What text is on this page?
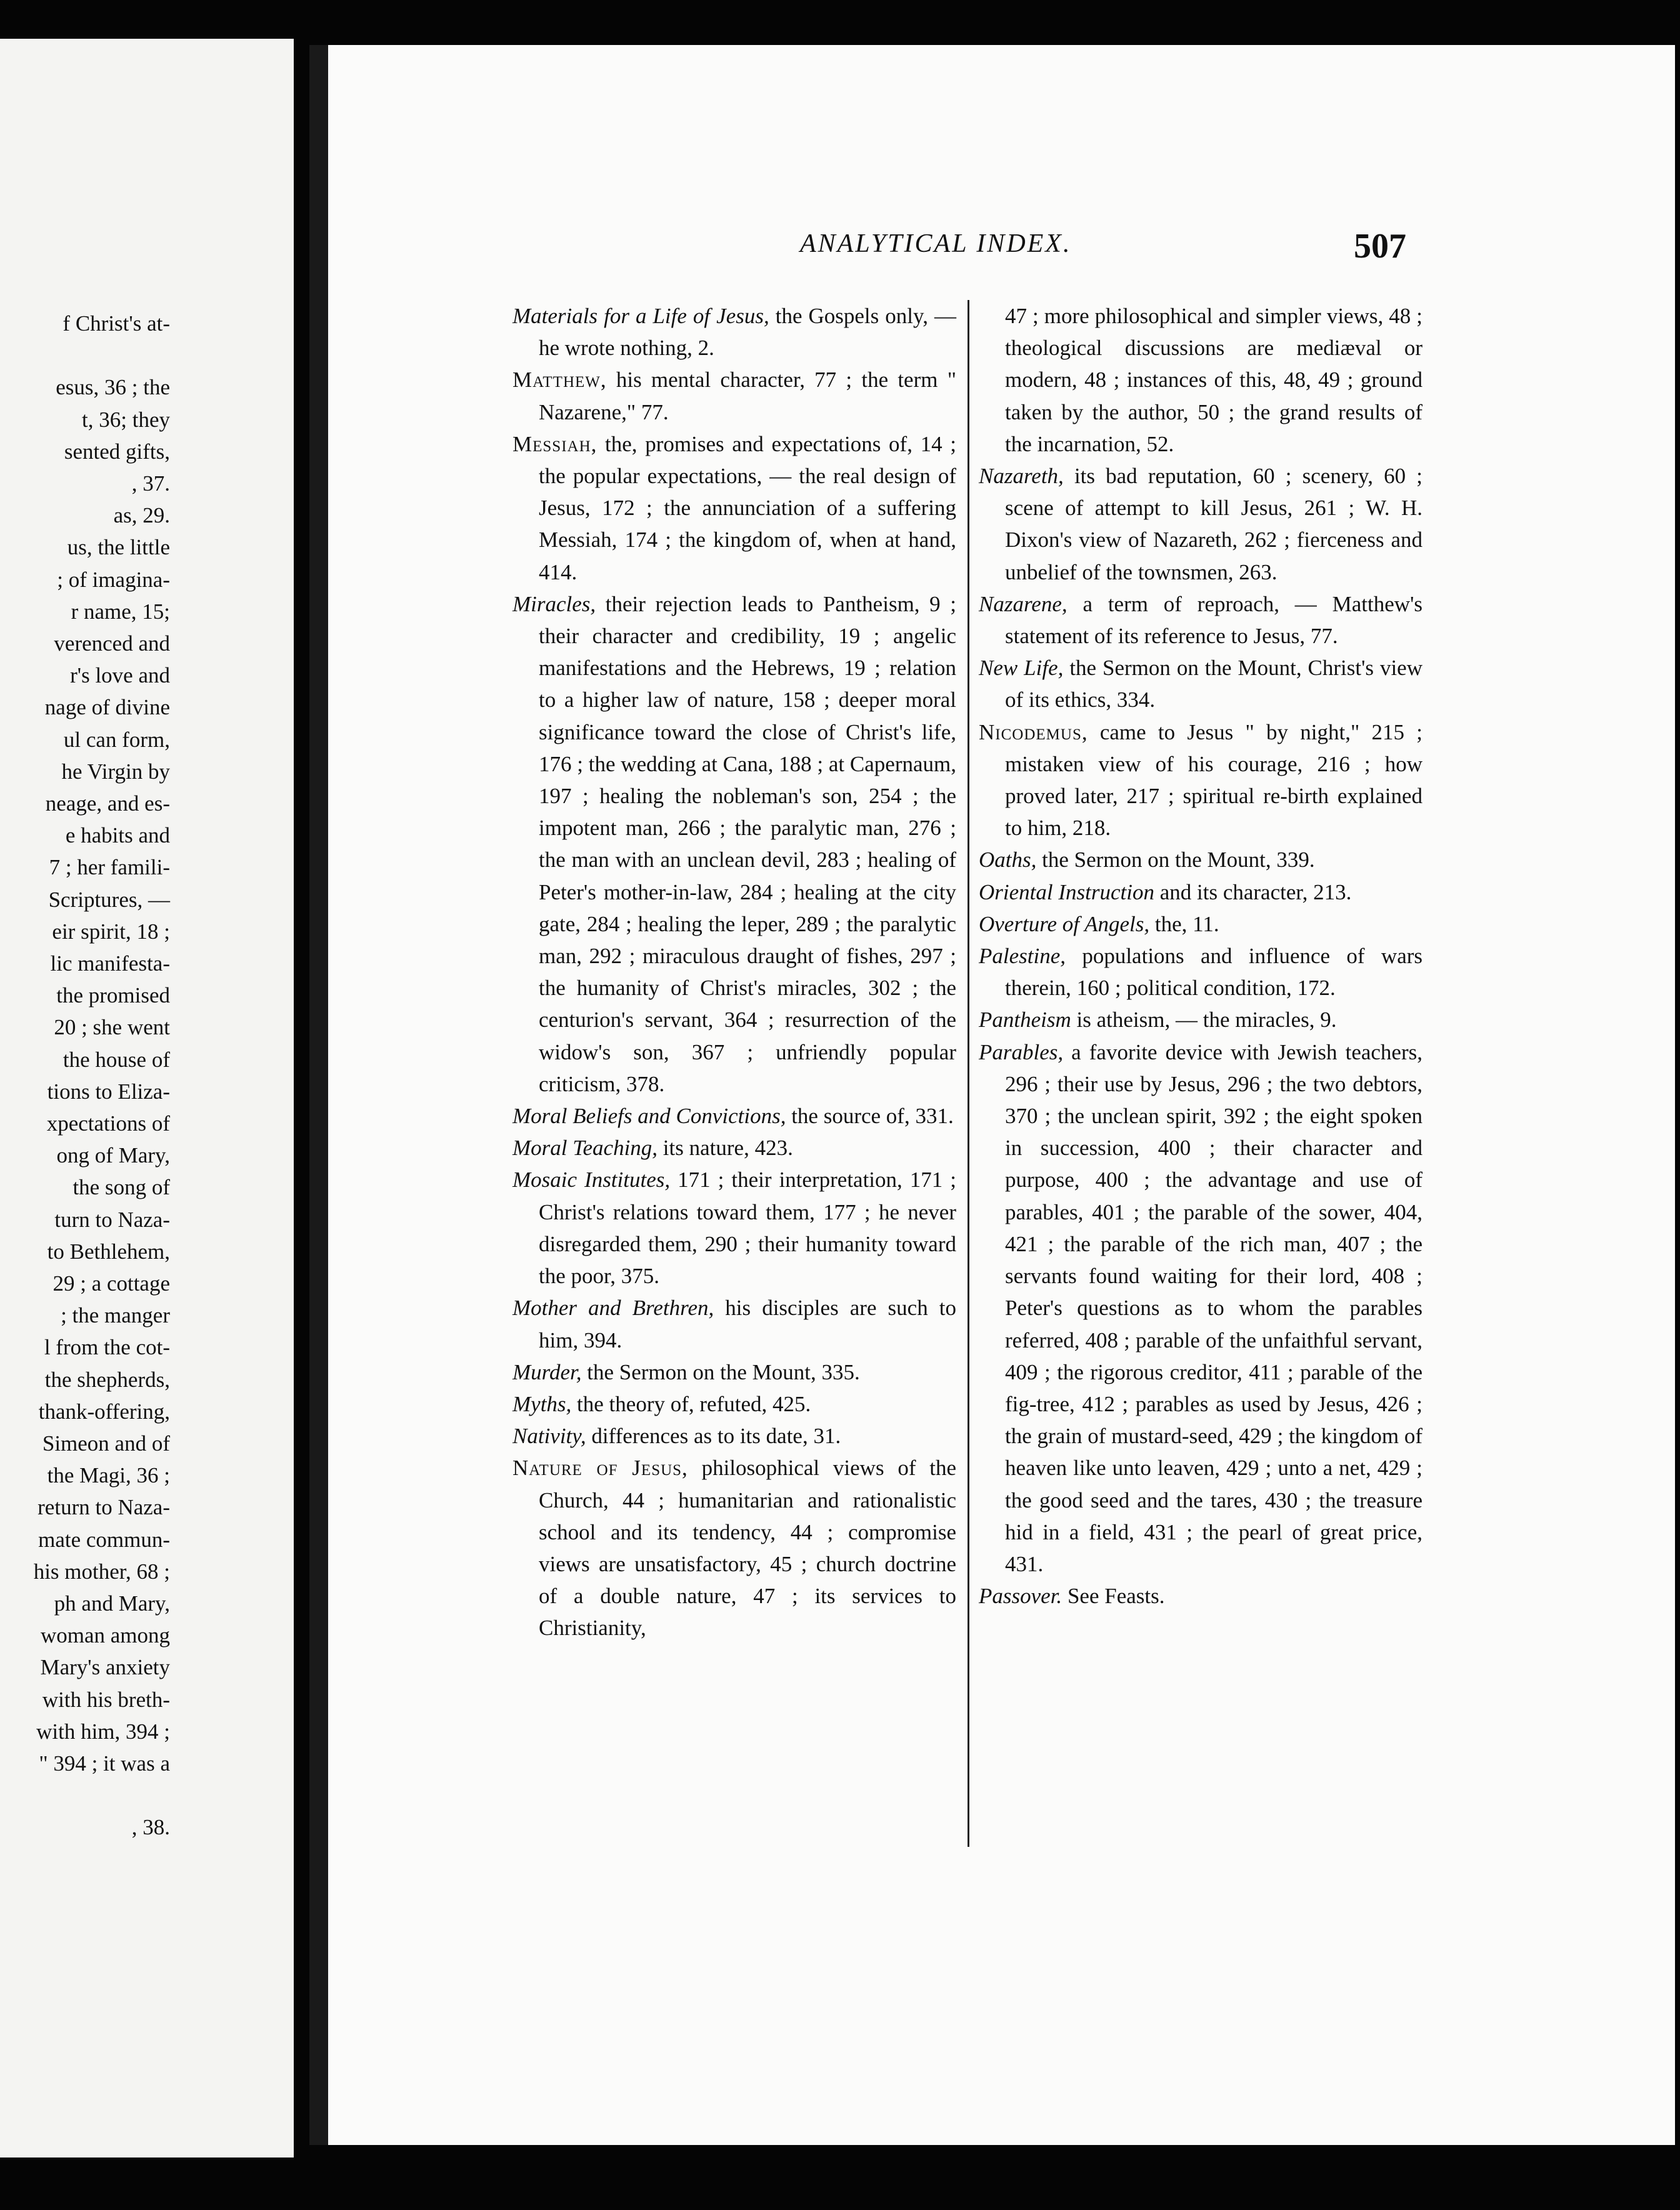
f Christ's at-
esus, 36 ; the
t, 36; they
sented gifts,
, 37.
as, 29.
us, the little
; of imagina-
r name, 15;
verenced and
r's love and
nage of divine
ul can form,
he Virgin by
neage, and es-
e habits and
7 ; her famili-
Scriptures, —
eir spirit, 18 ;
lic manifesta-
the promised
20 ; she went
the house of
tions to Eliza-
xpectations of
ong of Mary,
the song of
turn to Naza-
to Bethlehem,
29 ; a cottage
; the manger
l from the cot-
the shepherds,
thank-offering,
Simeon and of
the Magi, 36 ;
return to Naza-
mate commun-
his mother, 68 ;
ph and Mary,
woman among
Mary's anxiety
with his breth-
with him, 394 ;
" 394 ; it was a
, 38.
ANALYTICAL INDEX.	507

Materials for a Life of Jesus, the Gospels only, — he wrote nothing, 2.

Matthew, his mental character, 77 ; the term " Nazarene," 77.

Messiah, the, promises and expectations of, 14 ; the popular expectations, — the real design of Jesus, 172 ; the annunciation of a suffering Messiah, 174 ; the kingdom of, when at hand, 414.

Miracles, their rejection leads to Pantheism, 9 ; their character and credibility, 19 ; angelic manifestations and the Hebrews, 19 ; relation to a higher law of nature, 158 ; deeper moral significance toward the close of Christ's life, 176 ; the wedding at Cana, 188 ; at Capernaum, 197 ; healing the nobleman's son, 254 ; the impotent man, 266 ; the paralytic man, 276 ; the man with an unclean devil, 283 ; healing of Peter's mother-in-law, 284 ; healing at the city gate, 284 ; healing the leper, 289 ; the paralytic man, 292 ; miraculous draught of fishes, 297 ; the humanity of Christ's miracles, 302 ; the centurion's servant, 364 ; resurrection of the widow's son, 367 ; unfriendly popular criticism, 378.

Moral Beliefs and Convictions, the source of, 331.

Moral Teaching, its nature, 423.

Mosaic Institutes, 171 ; their interpretation, 171 ; Christ's relations toward them, 177 ; he never disregarded them, 290 ; their humanity toward the poor, 375.

Mother and Brethren, his disciples are such to him, 394.

Murder, the Sermon on the Mount, 335.

Myths, the theory of, refuted, 425.

Nativity, differences as to its date, 31.

Nature of Jesus, philosophical views of the Church, 44 ; humanitarian and rationalistic school and its tendency, 44 ; compromise views are unsatisfactory, 45 ; church doctrine of a double nature, 47 ; its services to Christianity,

47 ; more philosophical and simpler views, 48 ; theological discussions are mediæval or modern, 48 ; instances of this, 48, 49 ; ground taken by the author, 50 ; the grand results of the incarnation, 52.

Nazareth, its bad reputation, 60 ; scenery, 60 ; scene of attempt to kill Jesus, 261 ; W. H. Dixon's view of Nazareth, 262 ; fierceness and unbelief of the townsmen, 263.

Nazarene, a term of reproach, — Matthew's statement of its reference to Jesus, 77.

New Life, the Sermon on the Mount, Christ's view of its ethics, 334.

Nicodemus, came to Jesus " by night," 215 ; mistaken view of his courage, 216 ; how proved later, 217 ; spiritual re-birth explained to him, 218.

Oaths, the Sermon on the Mount, 339.

Oriental Instruction and its character, 213.

Overture of Angels, the, 11.

Palestine, populations and influence of wars therein, 160 ; political condition, 172.

Pantheism is atheism, — the miracles, 9.

Parables, a favorite device with Jewish teachers, 296 ; their use by Jesus, 296 ; the two debtors, 370 ; the unclean spirit, 392 ; the eight spoken in succession, 400 ; their character and purpose, 400 ; the advantage and use of parables, 401 ; the parable of the sower, 404, 421 ; the parable of the rich man, 407 ; the servants found waiting for their lord, 408 ; Peter's questions as to whom the parables referred, 408 ; parable of the unfaithful servant, 409 ; the rigorous creditor, 411 ; parable of the fig-tree, 412 ; parables as used by Jesus, 426 ; the grain of mustard-seed, 429 ; the kingdom of heaven like unto leaven, 429 ; unto a net, 429 ; the good seed and the tares, 430 ; the treasure hid in a field, 431 ; the pearl of great price, 431.

Passover. See Feasts.
